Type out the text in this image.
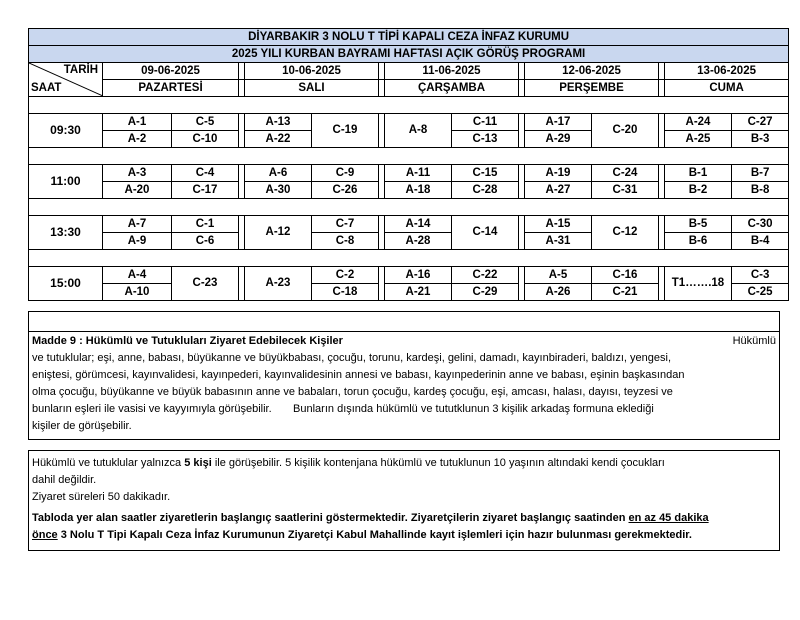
DİYARBAKIR 3 NOLU T TİPİ KAPALI CEZA İNFAZ KURUMU														
2025 YILI KURBAN BAYRAMI HAFTASI AÇIK GÖRÜŞ PROGRAMI														

TARİH
SAAT	09-06-2025			10-06-2025			11-06-2025			12-06-2025			13-06-2025	
	PAZARTESİ			SALI			ÇARŞAMBA			PERŞEMBE			CUMA	

09:30	A-1	C-5		A-13	C-19		A-8	C-11		A-17	C-20		A-24	C-27
	A-2	C-10		A-22				C-13		A-29			A-25	B-3

11:00	A-3	C-4		A-6	C-9		A-11	C-15		A-19	C-24		B-1	B-7
	A-20	C-17		A-30	C-26		A-18	C-28		A-27	C-31		B-2	B-8

13:30	A-7	C-1		A-12	C-7		A-14	C-14		A-15	C-12		B-5	C-30
	A-9	C-6			C-8		A-28			A-31			B-6	B-4

15:00	A-4	C-23		A-23	C-2		A-16	C-22		A-5	C-16		T1…….18	C-3
	A-10				C-18		A-21	C-29		A-26	C-21			C-25
Madde 9 : Hükümlü ve Tutukluları Ziyaret Edebilecek Kişiler	Hükümlü
ve tutuklular; eşi, anne, babası, büyükanne ve büyükbabası, çocuğu, torunu, kardeşi, gelini, damadı, kayınbiraderi, baldızı, yengesi,
eniştesi, görümcesi, kayınvalidesi, kayınpederi, kayınvalidesinin annesi ve babası, kayınpederinin anne ve babası, eşinin başkasından
olma çocuğu, büyükanne ve büyük babasının anne ve babaları, torun çocuğu, kardeş çocuğu, eşi, amcası, halası, dayısı, teyzesi ve
bunların eşleri ile vasisi ve kayyımıyla görüşebilir.       Bunların dışında hükümlü ve tututklunun 3 kişilik arkadaş formuna eklediği
kişiler de görüşebilir.
Hükümlü ve tutuklular yalnızca 5 kişi ile görüşebilir. 5 kişilik kontenjana hükümlü ve tutuklunun 10 yaşının altındaki kendi çocukları
dahil değildir.
Ziyaret süreleri 50 dakikadır.
Tabloda yer alan saatler ziyaretlerin başlangıç saatlerini göstermektedir. Ziyaretçilerin ziyaret başlangıç saatinden en az 45 dakika
önce 3 Nolu T Tipi Kapalı Ceza İnfaz Kurumunun Ziyaretçi Kabul Mahallinde kayıt işlemleri için hazır bulunması gerekmektedir.
